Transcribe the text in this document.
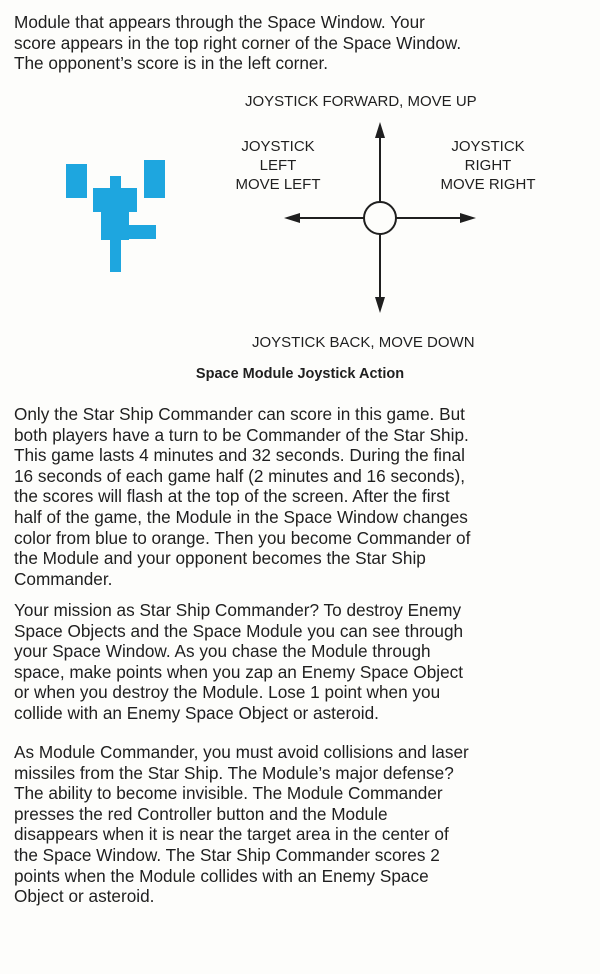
Module that appears through the Space Window. Your
score appears in the top right corner of the Space Window.
The opponent’s score is in the left corner.
JOYSTICK FORWARD, MOVE UP
JOYSTICK
LEFT
MOVE LEFT
JOYSTICK
RIGHT
MOVE RIGHT
JOYSTICK BACK, MOVE DOWN
Space Module Joystick Action
Only the Star Ship Commander can score in this game. But
both players have a turn to be Commander of the Star Ship.
This game lasts 4 minutes and 32 seconds. During the final
16 seconds of each game half (2 minutes and 16 seconds),
the scores will flash at the top of the screen. After the first
half of the game, the Module in the Space Window changes
color from blue to orange. Then you become Commander of
the Module and your opponent becomes the Star Ship
Commander.
Your mission as Star Ship Commander? To destroy Enemy
Space Objects and the Space Module you can see through
your Space Window. As you chase the Module through
space, make points when you zap an Enemy Space Object
or when you destroy the Module. Lose 1 point when you
collide with an Enemy Space Object or asteroid.
As Module Commander, you must avoid collisions and laser
missiles from the Star Ship. The Module’s major defense?
The ability to become invisible. The Module Commander
presses the red Controller button and the Module
disappears when it is near the target area in the center of
the Space Window. The Star Ship Commander scores 2
points when the Module collides with an Enemy Space
Object or asteroid.
